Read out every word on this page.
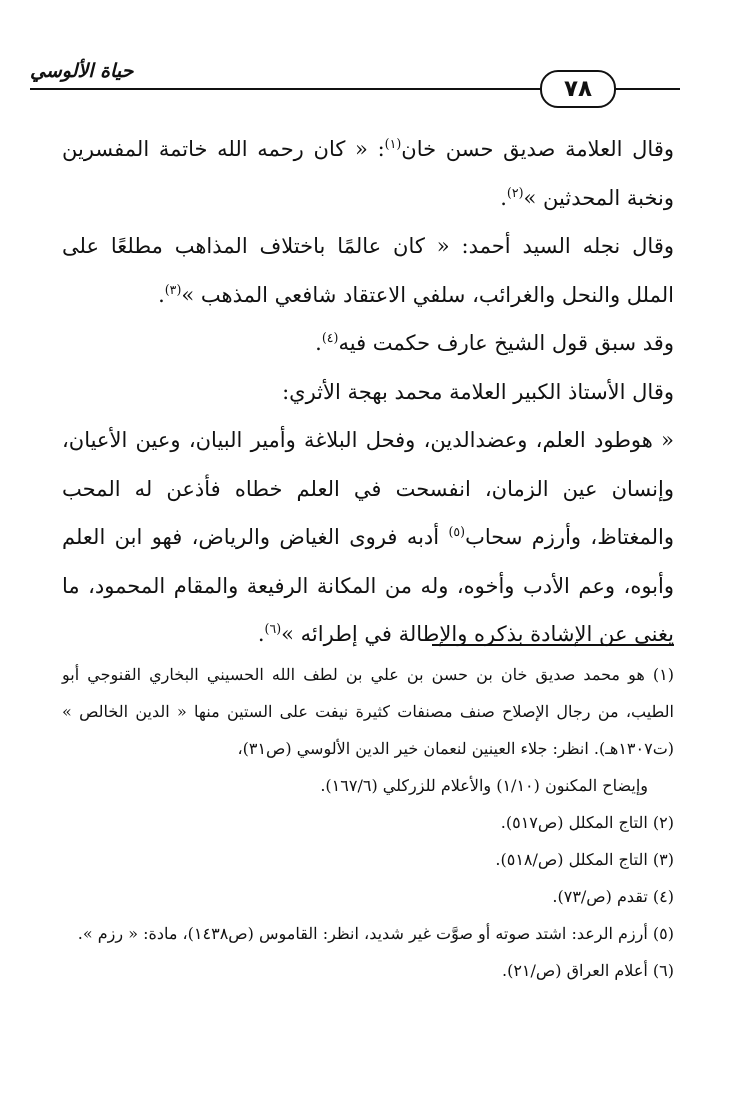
حياة الألوسي
٧٨

وقال العلامة صديق حسن خان$^{(١)}$: « كان رحمه الله خاتمة المفسرين ونخبة المحدثين »$^{(٢)}$.

وقال نجله السيد أحمد: « كان عالمًا باختلاف المذاهب مطلعًا على الملل والنحل والغرائب، سلفي الاعتقاد شافعي المذهب »$^{(٣)}$.

وقد سبق قول الشيخ عارف حكمت فيه$^{(٤)}$.

وقال الأستاذ الكبير العلامة محمد بهجة الأثري:

« هوطود العلم، وعضدالدين، وفحل البلاغة وأمير البيان، وعين الأعيان، وإنسان عين الزمان، انفسحت في العلم خطاه فأذعن له المحب والمغتاظ، وأرزم سحاب$^{(٥)}$ أدبه فروى الغياض والرياض، فهو ابن العلم وأبوه، وعم الأدب وأخوه، وله من المكانة الرفيعة والمقام المحمود، ما يغني عن الإشادة بذكره والإطالة في إطرائه »$^{(٦)}$.

(١) هو محمد صديق خان بن حسن بن علي بن لطف الله الحسيني البخاري القنوجي أبو الطيب، من رجال الإصلاح صنف مصنفات كثيرة نيفت على الستين منها « الدين الخالص » (ت١٣٠٧هـ). انظر: جلاء العينين لنعمان خير الدين الألوسي (ص٣١)،

وإيضاح المكنون (١/١٠) والأعلام للزركلي (١٦٧/٦).

(٢) التاج المكلل (ص٥١٧).

(٣) التاج المكلل (ص/٥١٨).

(٤) تقدم (ص/٧٣).

(٥) أرزم الرعد: اشتد صوته أو صوَّت غير شديد، انظر: القاموس (ص١٤٣٨)، مادة: « رزم ».

(٦) أعلام العراق (ص/٢١).
